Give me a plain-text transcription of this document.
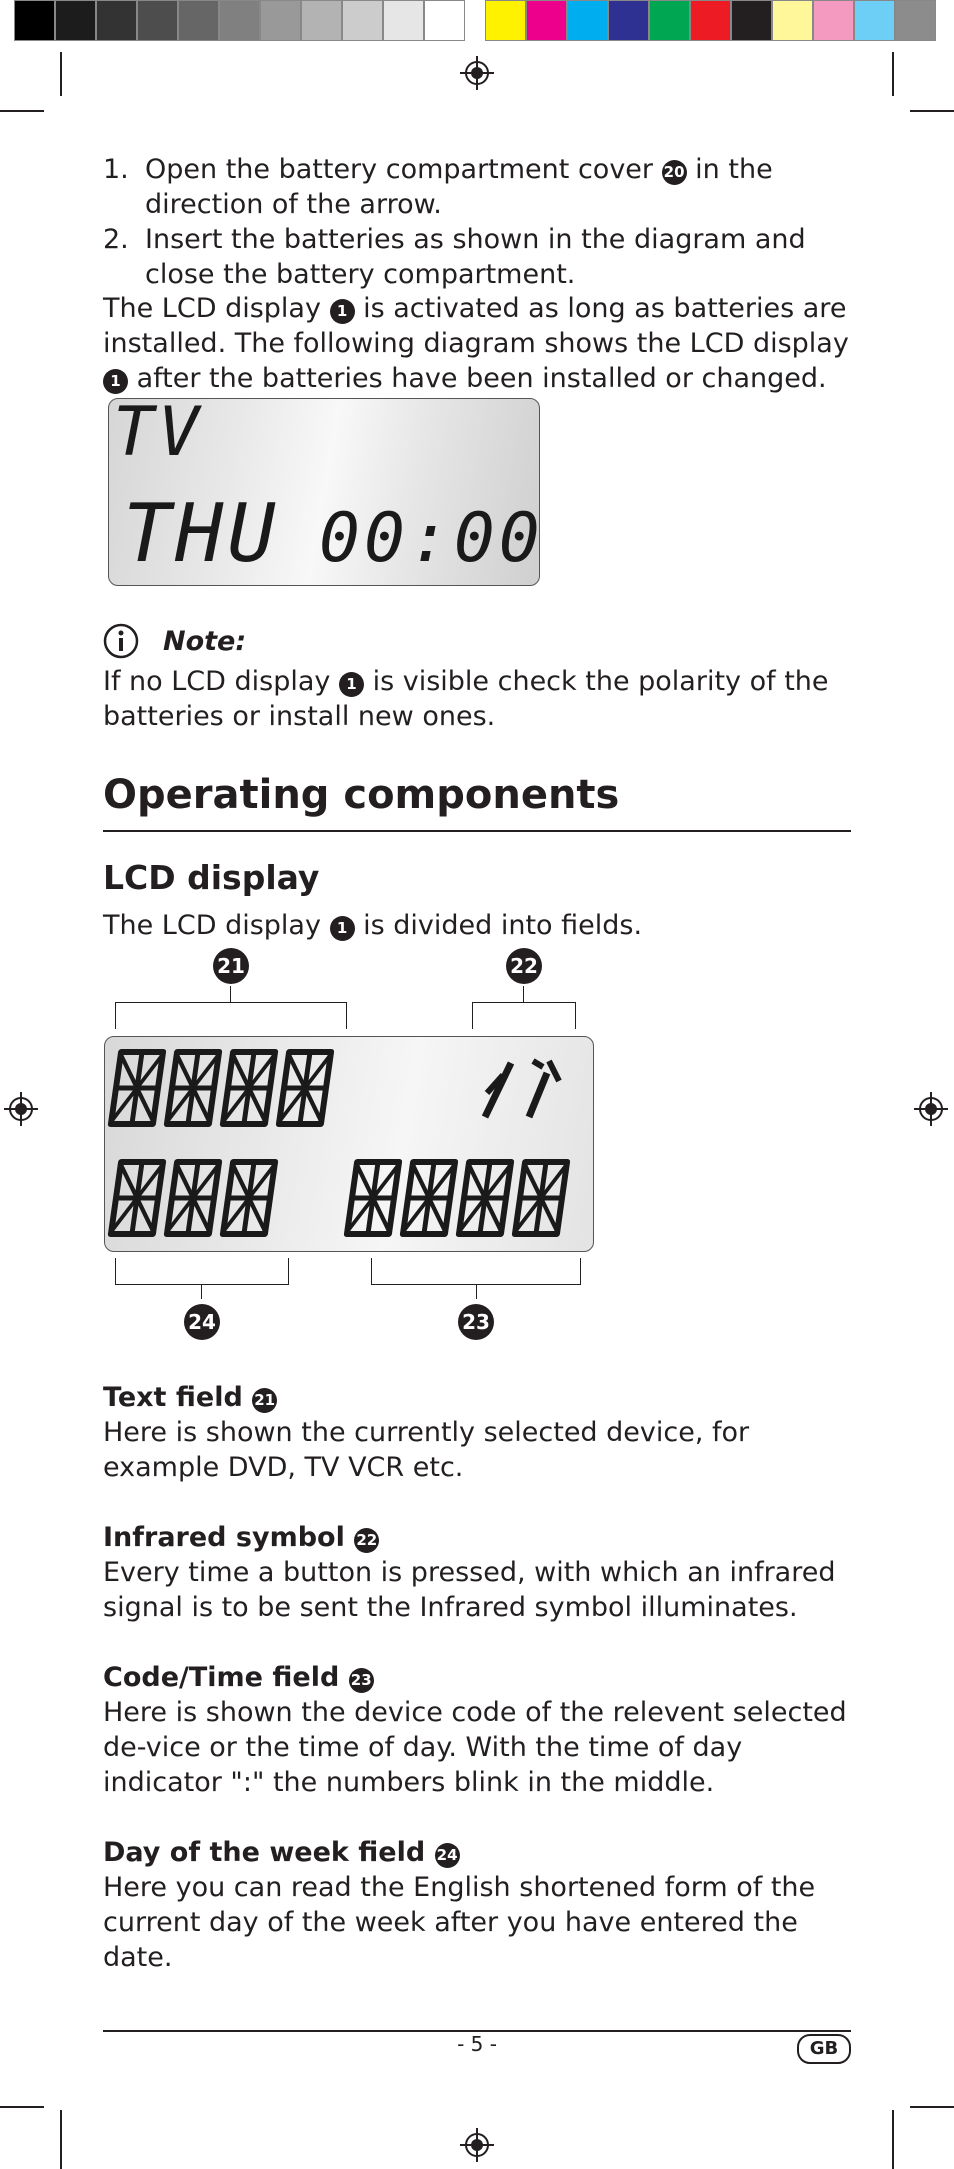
1. Open the battery compartment cover 20 in the direction of the arrow.
2. Insert the batteries as shown in the diagram and close the battery compartment.

The LCD display 1 is activated as long as batteries are installed. The following diagram shows the LCD display 1 after the batteries have been installed or changed.

TV
THU 00:00
Note:

If no LCD display 1 is visible check the polarity of the batteries or install new ones.

Operating components
LCD display

The LCD display 1 is divided into fields.

21	22
24	23
Text field 21

Here is shown the currently selected device, for example DVD, TV VCR etc.

Infrared symbol 22

Every time a button is pressed, with which an infrared signal is to be sent the Infrared symbol illuminates.

Code/Time field 23

Here is shown the device code of the relevent selected de-vice or the time of day. With the time of day indicator ":" the numbers blink in the middle.

Day of the week field 24

Here you can read the English shortened form of the current day of the week after you have entered the date.

- 5 -	GB
